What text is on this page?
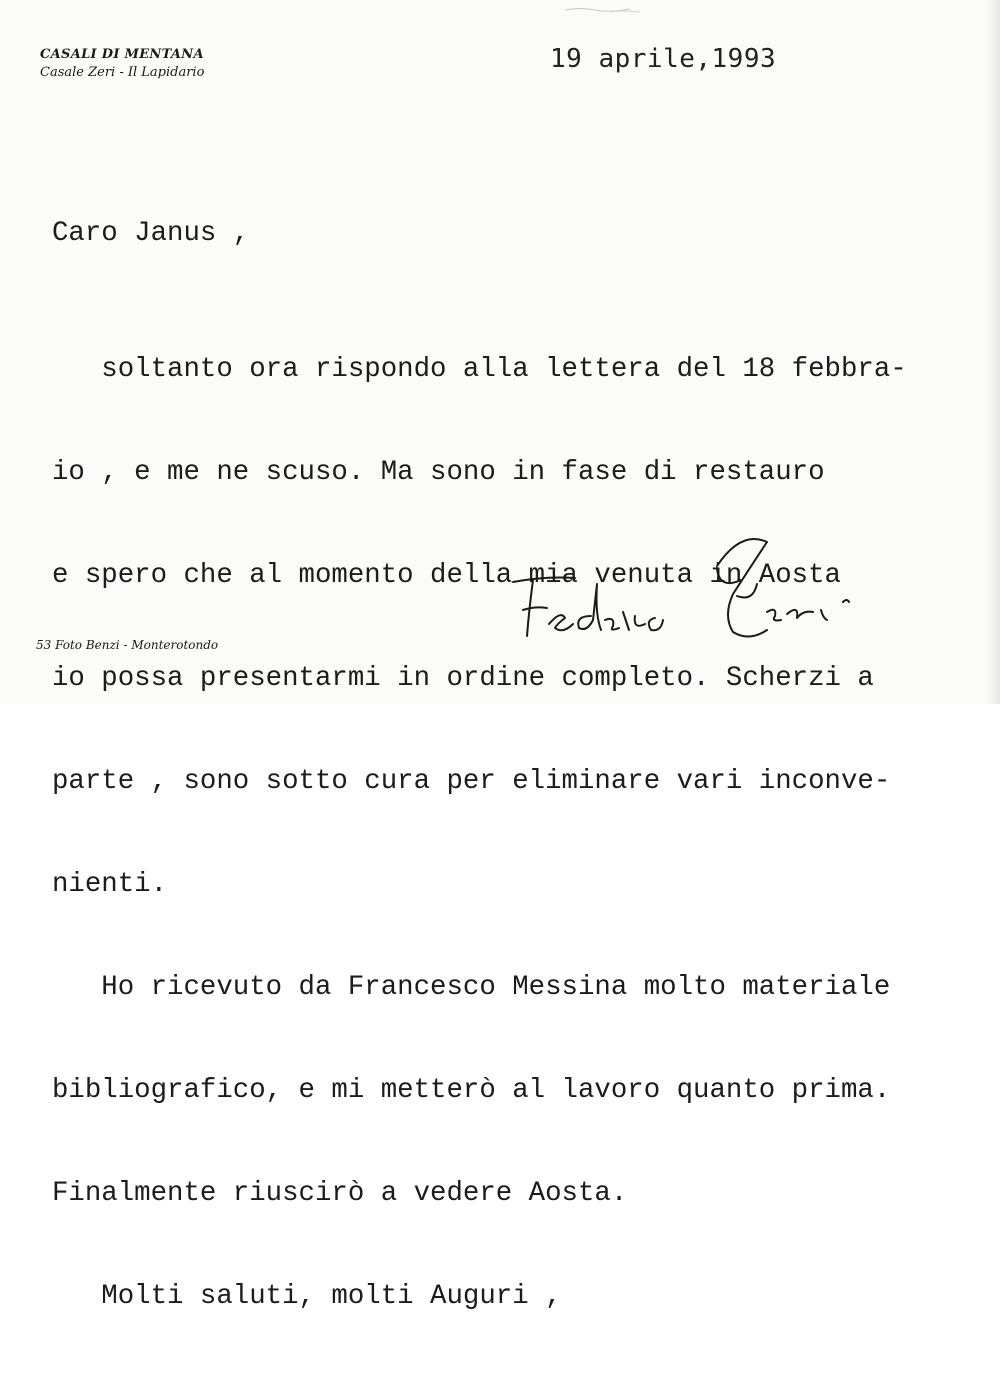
CASALI DI MENTANA
Casale Zeri - Il Lapidario	19 aprile,1993

Caro Janus ,

soltanto ora rispondo alla lettera del 18 febbra-

io , e me ne scuso. Ma sono in fase di restauro

e spero che al momento della mia venuta in Aosta

io possa presentarmi in ordine completo. Scherzi a

parte , sono sotto cura per eliminare vari inconve-

nienti.

Ho ricevuto da Francesco Messina molto materiale

bibliografico, e mi metterò al lavoro quanto prima.

Finalmente riuscirò a vedere Aosta.

Molti saluti, molti Auguri ,

53 Foto Benzi - Monterotondo
